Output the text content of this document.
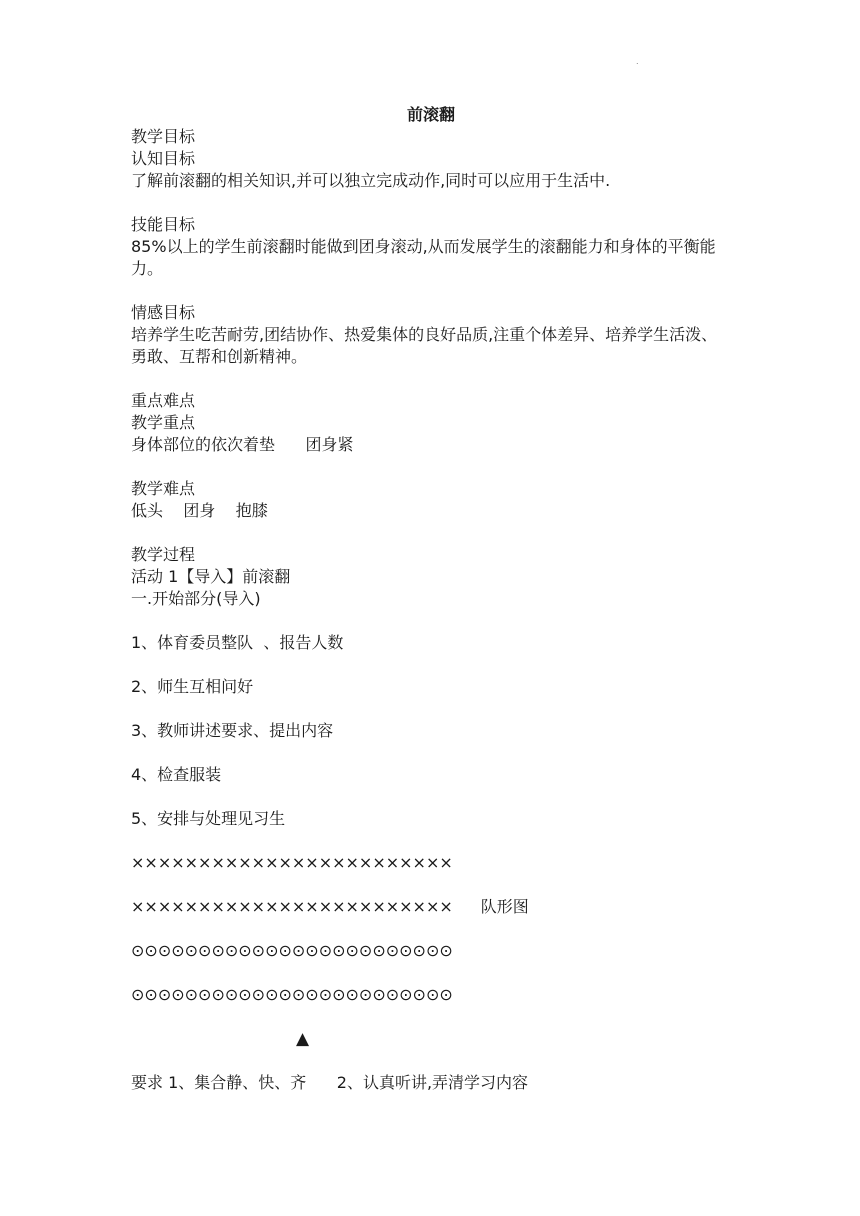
.
前滚翻
教学目标
认知目标
了解前滚翻的相关知识,并可以独立完成动作,同时可以应用于生活中.
技能目标
85%以上的学生前滚翻时能做到团身滚动,从而发展学生的滚翻能力和身体的平衡能力。
情感目标
培养学生吃苦耐劳,团结协作、热爱集体的良好品质,注重个体差异、培养学生活泼、勇敢、互帮和创新精神。
重点难点
教学重点
身体部位的依次着垫      团身紧
教学难点
低头    团身    抱膝
教学过程
活动 1【导入】前滚翻
一.开始部分(导入)
1、体育委员整队  、报告人数
2、师生互相问好
3、教师讲述要求、提出内容
4、检查服装
5、安排与处理见习生
××××××××××××××××××××××××
×××××××××××××××××××××××× 队形图
⊙⊙⊙⊙⊙⊙⊙⊙⊙⊙⊙⊙⊙⊙⊙⊙⊙⊙⊙⊙⊙⊙⊙⊙
⊙⊙⊙⊙⊙⊙⊙⊙⊙⊙⊙⊙⊙⊙⊙⊙⊙⊙⊙⊙⊙⊙⊙⊙
▲
要求 1、集合静、快、齐      2、认真听讲,弄清学习内容
